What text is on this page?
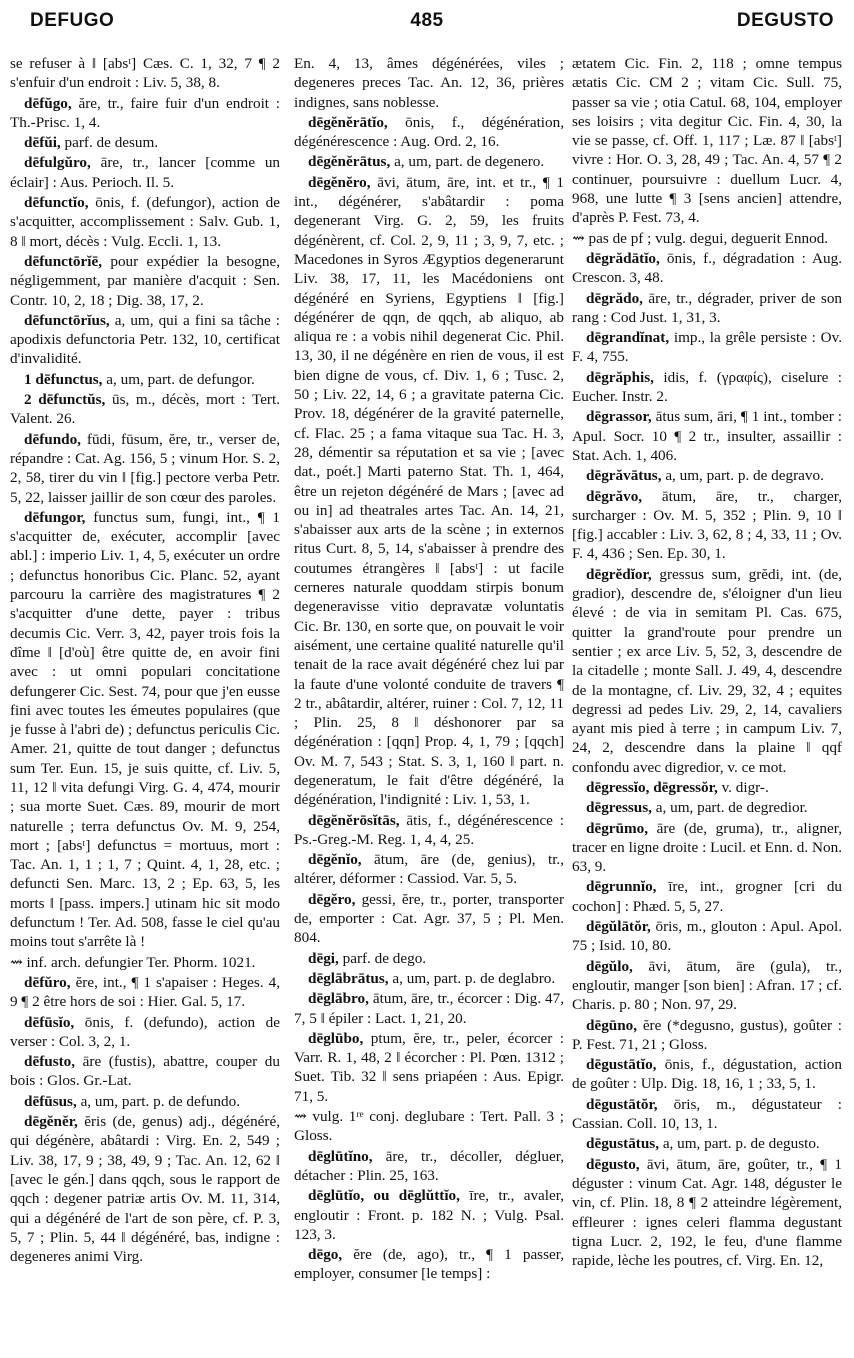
DEFUGO	485	DEGUSTO

se refuser à ‖ [absᵗ] Cæs. C. 1, 32, 7 ¶ 2 s'enfuir d'un endroit : Liv. 5, 38, 8.

dēfŭgo, ăre, tr., faire fuir d'un endroit : Th.-Prisc. 1, 4.

dēfŭi, parf. de desum.

dēfulgŭro, āre, tr., lancer [comme un éclair] : Aus. Perioch. Il. 5.

dēfunctĭo, ōnis, f. (defungor), action de s'acquitter, accomplissement : Salv. Gub. 1, 8 ‖ mort, décès : Vulg. Eccli. 1, 13.

dēfunctōrĭē, pour expédier la besogne, négligemment, par manière d'acquit : Sen. Contr. 10, 2, 18 ; Dig. 38, 17, 2.

dēfunctōrĭus, a, um, qui a fini sa tâche : apodixis defunctoria Petr. 132, 10, certificat d'invalidité.

1 dēfunctus, a, um, part. de defungor.

2 dēfunctŭs, ūs, m., décès, mort : Tert. Valent. 26.

dēfundo, fūdi, fūsum, ĕre, tr., verser de, répandre : Cat. Ag. 156, 5 ; vinum Hor. S. 2, 2, 58, tirer du vin ‖ [fig.] pectore verba Petr. 5, 22, laisser jaillir de son cœur des paroles.

dēfungor, functus sum, fungi, int., ¶ 1 s'acquitter de, exécuter, accomplir [avec abl.] : imperio Liv. 1, 4, 5, exécuter un ordre ; defunctus honoribus Cic. Planc. 52, ayant parcouru la carrière des magistratures ¶ 2 s'acquitter d'une dette, payer : tribus decumis Cic. Verr. 3, 42, payer trois fois la dîme ‖ [d'où] être quitte de, en avoir fini avec : ut omni populari concitatione defungerer Cic. Sest. 74, pour que j'en eusse fini avec toutes les émeutes populaires (que je fusse à l'abri de) ; defunctus periculis Cic. Amer. 21, quitte de tout danger ; defunctus sum Ter. Eun. 15, je suis quitte, cf. Liv. 5, 11, 12 ‖ vita defungi Virg. G. 4, 474, mourir ; sua morte Suet. Cæs. 89, mourir de mort naturelle ; terra defunctus Ov. M. 9, 254, mort ; [absᵗ] defunctus = mortuus, mort : Tac. An. 1, 1 ; 1, 7 ; Quint. 4, 1, 28, etc. ; defuncti Sen. Marc. 13, 2 ; Ep. 63, 5, les morts ‖ [pass. impers.] utinam hic sit modo defunctum ! Ter. Ad. 508, fasse le ciel qu'au moins tout s'arrête là !

⇝ inf. arch. defungier Ter. Phorm. 1021.

dēfŭro, ĕre, int., ¶ 1 s'apaiser : Heges. 4, 9 ¶ 2 être hors de soi : Hier. Gal. 5, 17.

dēfūsĭo, ōnis, f. (defundo), action de verser : Col. 3, 2, 1.

dēfusto, āre (fustis), abattre, couper du bois : Glos. Gr.-Lat.

dēfūsus, a, um, part. p. de defundo.

dēgĕnĕr, ĕris (de, genus) adj., dégénéré, qui dégénère, abâtardi : Virg. En. 2, 549 ; Liv. 38, 17, 9 ; 38, 49, 9 ; Tac. An. 12, 62 ‖ [avec le gén.] dans qqch, sous le rapport de qqch : degener patriæ artis Ov. M. 11, 314, qui a dégénéré de l'art de son père, cf. P. 3, 5, 7 ; Plin. 5, 44 ‖ dégénéré, bas, indigne : degeneres animi Virg.

En. 4, 13, âmes dégénérées, viles ; degeneres preces Tac. An. 12, 36, prières indignes, sans noblesse.

dēgĕnĕrātĭo, ōnis, f., dégénération, dégénérescence : Aug. Ord. 2, 16.

dēgĕnĕrātus, a, um, part. de degenero.

dēgĕnĕro, āvi, ātum, āre, int. et tr., ¶ 1 int., dégénérer, s'abâtardir : poma degenerant Virg. G. 2, 59, les fruits dégénèrent, cf. Col. 2, 9, 11 ; 3, 9, 7, etc. ; Macedones in Syros Ægyptios degenerarunt Liv. 38, 17, 11, les Macédoniens ont dégénéré en Syriens, Egyptiens ‖ [fig.] dégénérer de qqn, de qqch, ab aliquo, ab aliqua re : a vobis nihil degenerat Cic. Phil. 13, 30, il ne dégénère en rien de vous, il est bien digne de vous, cf. Div. 1, 6 ; Tusc. 2, 50 ; Liv. 22, 14, 6 ; a gravitate paterna Cic. Prov. 18, dégénérer de la gravité paternelle, cf. Flac. 25 ; a fama vitaque sua Tac. H. 3, 28, démentir sa réputation et sa vie ; [avec dat., poét.] Marti paterno Stat. Th. 1, 464, être un rejeton dégénéré de Mars ; [avec ad ou in] ad theatrales artes Tac. An. 14, 21, s'abaisser aux arts de la scène ; in externos ritus Curt. 8, 5, 14, s'abaisser à prendre des coutumes étrangères ‖ [absᵗ] : ut facile cerneres naturale quoddam stirpis bonum degeneravisse vitio depravatæ voluntatis Cic. Br. 130, en sorte que, on pouvait le voir aisément, une certaine qualité naturelle qu'il tenait de la race avait dégénéré chez lui par la faute d'une volonté conduite de travers ¶ 2 tr., abâtardir, altérer, ruiner : Col. 7, 12, 11 ; Plin. 25, 8 ‖ déshonorer par sa dégénération : [qqn] Prop. 4, 1, 79 ; [qqch] Ov. M. 7, 543 ; Stat. S. 3, 1, 160 ‖ part. n. degeneratum, le fait d'être dégénéré, la dégénération, l'indignité : Liv. 1, 53, 1.

dēgĕnĕrōsĭtās, ātis, f., dégénérescence : Ps.-Greg.-M. Reg. 1, 4, 4, 25.

dēgĕnĭo, ātum, āre (de, genius), tr., altérer, déformer : Cassiod. Var. 5, 5.

dēgĕro, gessi, ĕre, tr., porter, transporter de, emporter : Cat. Agr. 37, 5 ; Pl. Men. 804.

dēgi, parf. de dego.

dēglābrātus, a, um, part. p. de deglabro.

dēglābro, ātum, āre, tr., écorcer : Dig. 47, 7, 5 ‖ épiler : Lact. 1, 21, 20.

dēglūbo, ptum, ĕre, tr., peler, écorcer : Varr. R. 1, 48, 2 ‖ écorcher : Pl. Pœn. 1312 ; Suet. Tib. 32 ‖ sens priapéen : Aus. Epigr. 71, 5.

⇝ vulg. 1ʳᵉ conj. deglubare : Tert. Pall. 3 ; Gloss.

dēglūtĭno, āre, tr., décoller, dégluer, détacher : Plin. 25, 163.

dēglūtĭo, ou dēglŭttĭo, īre, tr., avaler, engloutir : Front. p. 182 N. ; Vulg. Psal. 123, 3.

dēgo, ĕre (de, ago), tr., ¶ 1 passer, employer, consumer [le temps] :

ætatem Cic. Fin. 2, 118 ; omne tempus ætatis Cic. CM 2 ; vitam Cic. Sull. 75, passer sa vie ; otia Catul. 68, 104, employer ses loisirs ; vita degitur Cic. Fin. 4, 30, la vie se passe, cf. Off. 1, 117 ; Læ. 87 ‖ [absᵗ] vivre : Hor. O. 3, 28, 49 ; Tac. An. 4, 57 ¶ 2 continuer, poursuivre : duellum Lucr. 4, 968, une lutte ¶ 3 [sens ancien] attendre, d'après P. Fest. 73, 4.

⇝ pas de pf ; vulg. degui, deguerit Ennod.

dēgrădātĭo, ōnis, f., dégradation : Aug. Crescon. 3, 48.

dēgrădo, āre, tr., dégrader, priver de son rang : Cod Just. 1, 31, 3.

dēgrandĭnat, imp., la grêle persiste : Ov. F. 4, 755.

dēgrăphis, idis, f. (γραφίς), ciselure : Eucher. Instr. 2.

dēgrassor, ātus sum, āri, ¶ 1 int., tomber : Apul. Socr. 10 ¶ 2 tr., insulter, assaillir : Stat. Ach. 1, 406.

dēgrăvātus, a, um, part. p. de degravo.

dēgrăvo, ātum, āre, tr., charger, surcharger : Ov. M. 5, 352 ; Plin. 9, 10 ‖ [fig.] accabler : Liv. 3, 62, 8 ; 4, 33, 11 ; Ov. F. 4, 436 ; Sen. Ep. 30, 1.

dēgrĕdĭor, gressus sum, grĕdi, int. (de, gradior), descendre de, s'éloigner d'un lieu élevé : de via in semitam Pl. Cas. 675, quitter la grand'route pour prendre un sentier ; ex arce Liv. 5, 52, 3, descendre de la citadelle ; monte Sall. J. 49, 4, descendre de la montagne, cf. Liv. 29, 32, 4 ; equites degressi ad pedes Liv. 29, 2, 14, cavaliers ayant mis pied à terre ; in campum Liv. 7, 24, 2, descendre dans la plaine ‖ qqf confondu avec digredior, v. ce mot.

dēgressĭo, dēgressŏr, v. digr-.

dēgressus, a, um, part. de degredior.

dēgrūmo, āre (de, gruma), tr., aligner, tracer en ligne droite : Lucil. et Enn. d. Non. 63, 9.

dēgrunnĭo, īre, int., grogner [cri du cochon] : Phæd. 5, 5, 27.

dēgŭlātŏr, ōris, m., glouton : Apul. Apol. 75 ; Isid. 10, 80.

dēgŭlo, āvi, ātum, āre (gula), tr., engloutir, manger [son bien] : Afran. 17 ; cf. Charis. p. 80 ; Non. 97, 29.

dēgūno, ĕre (*degusno, gustus), goûter : P. Fest. 71, 21 ; Gloss.

dēgustātĭo, ōnis, f., dégustation, action de goûter : Ulp. Dig. 18, 16, 1 ; 33, 5, 1.

dēgustātŏr, ōris, m., dégustateur : Cassian. Coll. 10, 13, 1.

dēgustātus, a, um, part. p. de degusto.

dēgusto, āvi, ātum, āre, goûter, tr., ¶ 1 déguster : vinum Cat. Agr. 148, déguster le vin, cf. Plin. 18, 8 ¶ 2 atteindre légèrement, effleurer : ignes celeri flamma degustant tigna Lucr. 2, 192, le feu, d'une flamme rapide, lèche les poutres, cf. Virg. En. 12,
